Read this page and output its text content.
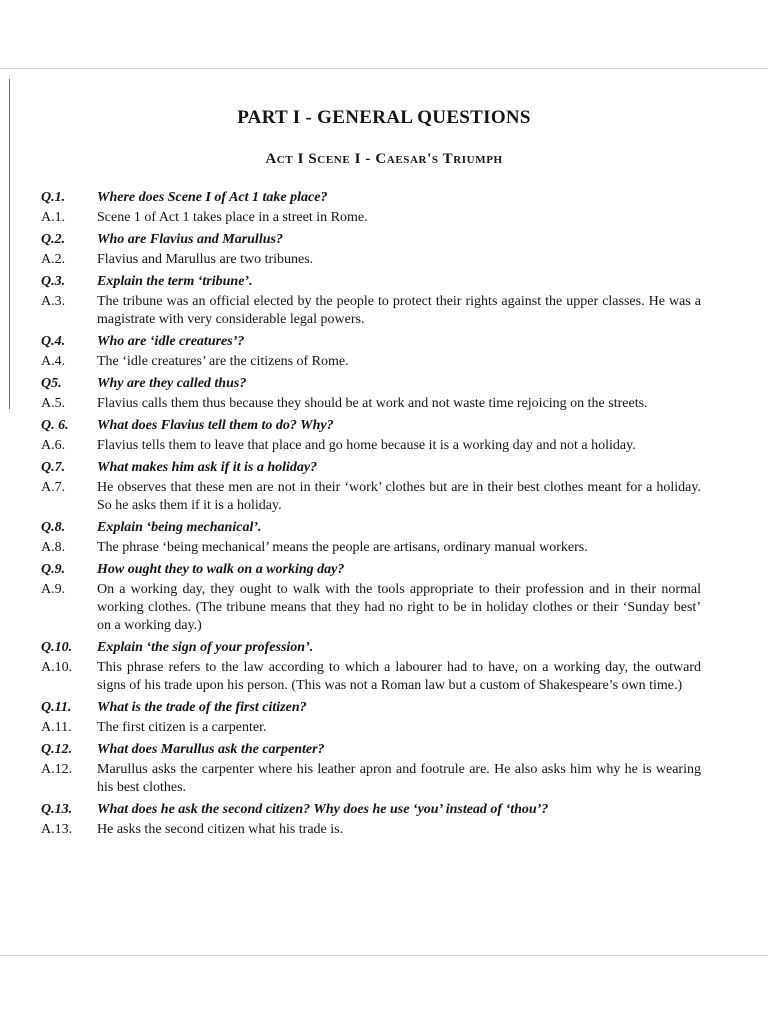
PART I - GENERAL QUESTIONS
Act I Scene I - Caesar's Triumph
Q.1.	Where does Scene I of Act 1 take place?
A.1.	Scene 1 of Act 1 takes place in a street in Rome.
Q.2.	Who are Flavius and Marullus?
A.2.	Flavius and Marullus are two tribunes.
Q.3.	Explain the term ‘tribune’.
A.3.	The tribune was an official elected by the people to protect their rights against the upper classes. He was a magistrate with very considerable legal powers.
Q.4.	Who are ‘idle creatures’?
A.4.	The ‘idle creatures’ are the citizens of Rome.
Q5.	Why are they called thus?
A.5.	Flavius calls them thus because they should be at work and not waste time rejoicing on the streets.
Q. 6.	What does Flavius tell them to do? Why?
A.6.	Flavius tells them to leave that place and go home because it is a working day and not a holiday.
Q.7.	What makes him ask if it is a holiday?
A.7.	He observes that these men are not in their ‘work’ clothes but are in their best clothes meant for a holiday. So he asks them if it is a holiday.
Q.8.	Explain ‘being mechanical’.
A.8.	The phrase ‘being mechanical’ means the people are artisans, ordinary manual workers.
Q.9.	How ought they to walk on a working day?
A.9.	On a working day, they ought to walk with the tools appropriate to their profession and in their normal working clothes. (The tribune means that they had no right to be in holiday clothes or their ‘Sunday best’ on a working day.)
Q.10.	Explain ‘the sign of your profession’.
A.10.	This phrase refers to the law according to which a labourer had to have, on a working day, the outward signs of his trade upon his person. (This was not a Roman law but a custom of Shakespeare’s own time.)
Q.11.	What is the trade of the first citizen?
A.11.	The first citizen is a carpenter.
Q.12.	What does Marullus ask the carpenter?
A.12.	Marullus asks the carpenter where his leather apron and footrule are. He also asks him why he is wearing his best clothes.
Q.13.	What does he ask the second citizen? Why does he use ‘you’ instead of ‘thou’?
A.13.	He asks the second citizen what his trade is.
